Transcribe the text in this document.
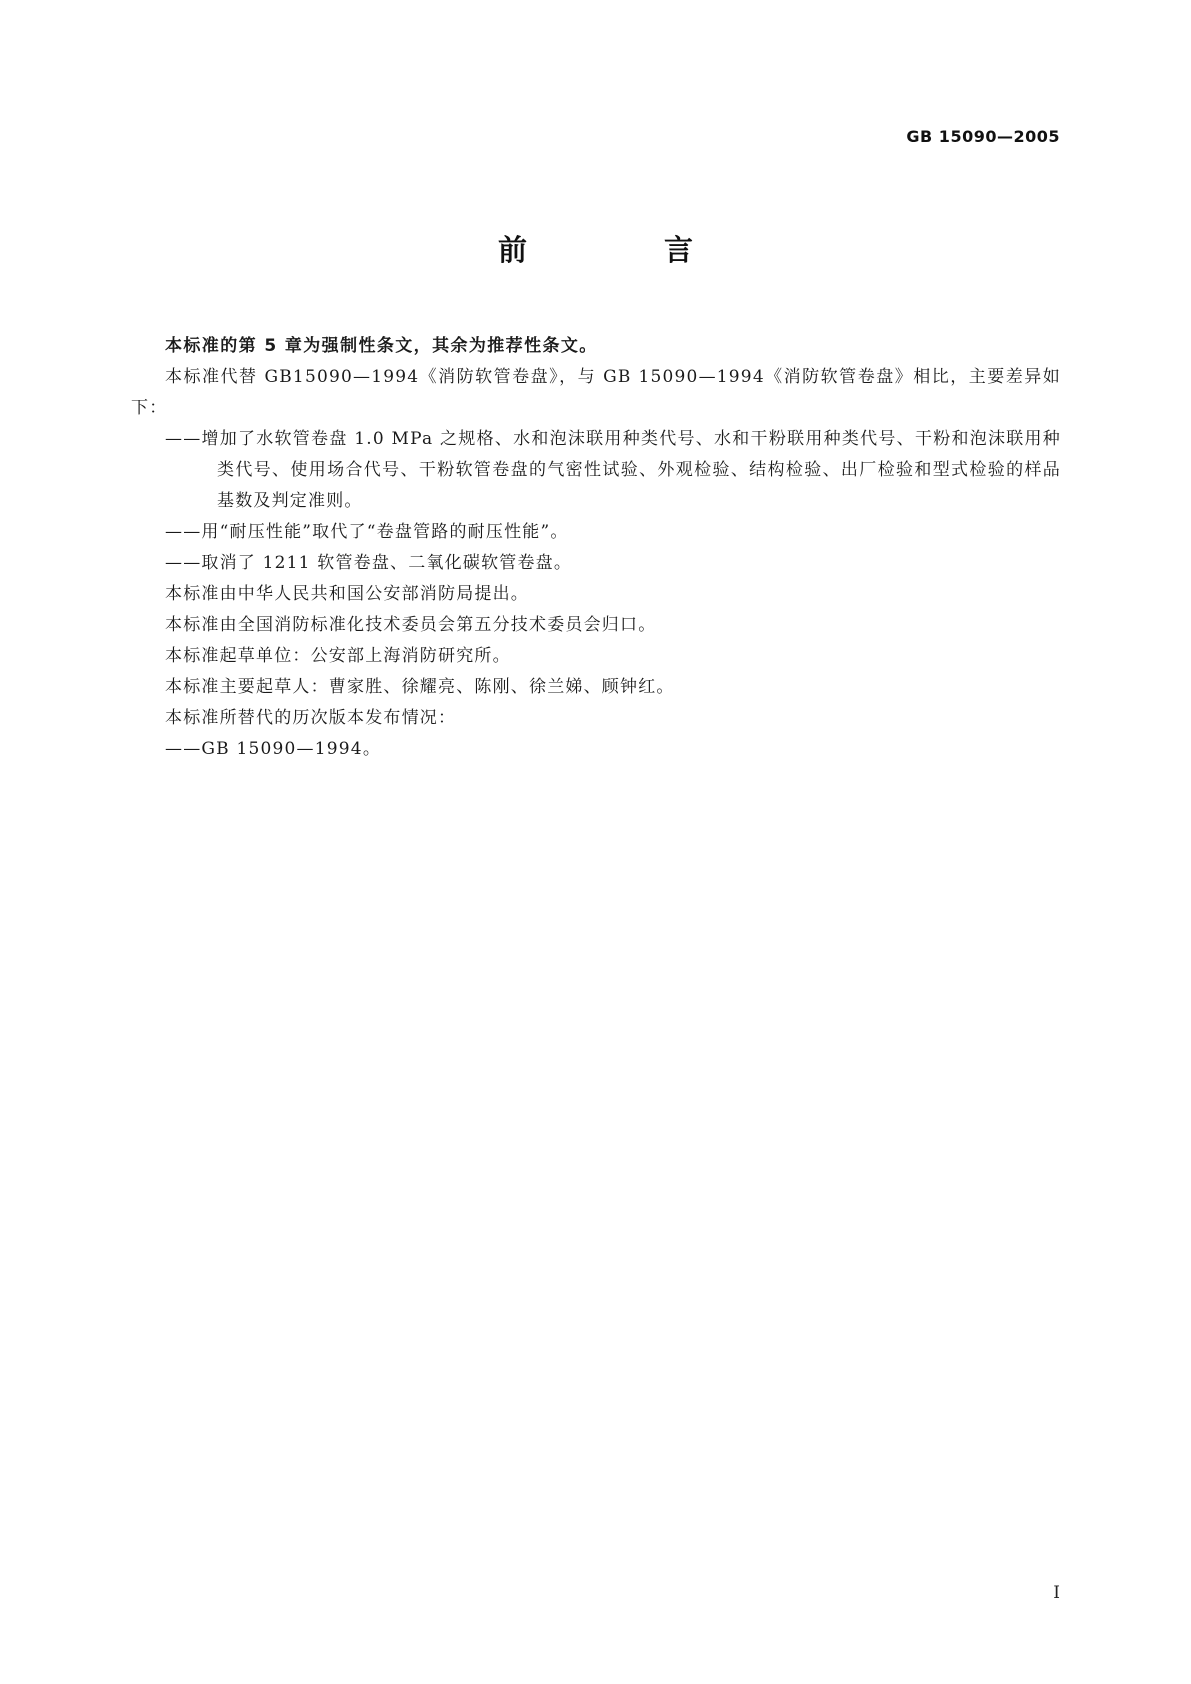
GB 15090—2005
前　言

本标准的第 5 章为强制性条文，其余为推荐性条文。

本标准代替 GB15090—1994《消防软管卷盘》，与 GB 15090—1994《消防软管卷盘》相比，主要差异如下：

——增加了水软管卷盘 1.0 MPa 之规格、水和泡沫联用种类代号、水和干粉联用种类代号、干粉和泡沫联用种类代号、使用场合代号、干粉软管卷盘的气密性试验、外观检验、结构检验、出厂检验和型式检验的样品基数及判定准则。

——用“耐压性能”取代了“卷盘管路的耐压性能”。

——取消了 1211 软管卷盘、二氧化碳软管卷盘。

本标准由中华人民共和国公安部消防局提出。

本标准由全国消防标准化技术委员会第五分技术委员会归口。

本标准起草单位：公安部上海消防研究所。

本标准主要起草人：曹家胜、徐耀亮、陈刚、徐兰娣、顾钟红。

本标准所替代的历次版本发布情况：

——GB 15090—1994。

I
